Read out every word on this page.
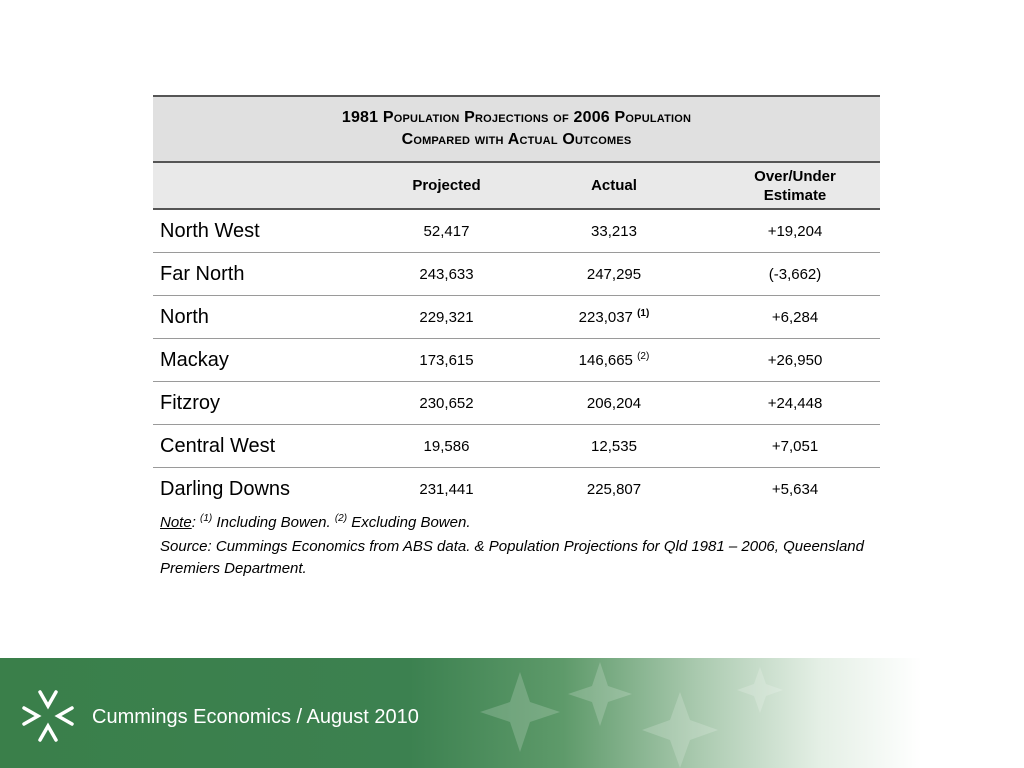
1981 Population Projections of 2006 Population
Compared with Actual Outcomes			

	Projected	Actual	Over/Under
Estimate

North West	52,417	33,213	+19,204
Far North	243,633	247,295	(-3,662)
North	229,321	223,037 $^{(1)}$	+6,284
Mackay	173,615	146,665 $^{(2)}$	+26,950
Fitzroy	230,652	206,204	+24,448
Central West	19,586	12,535	+7,051
Darling Downs	231,441	225,807	+5,634

Note: $^{(1)}$ Including Bowen. $^{(2)}$ Excluding Bowen.

Source: Cummings Economics from ABS data. & Population Projections for Qld 1981 – 2006, Queensland Premiers Department.

Cummings Economics / August 2010
